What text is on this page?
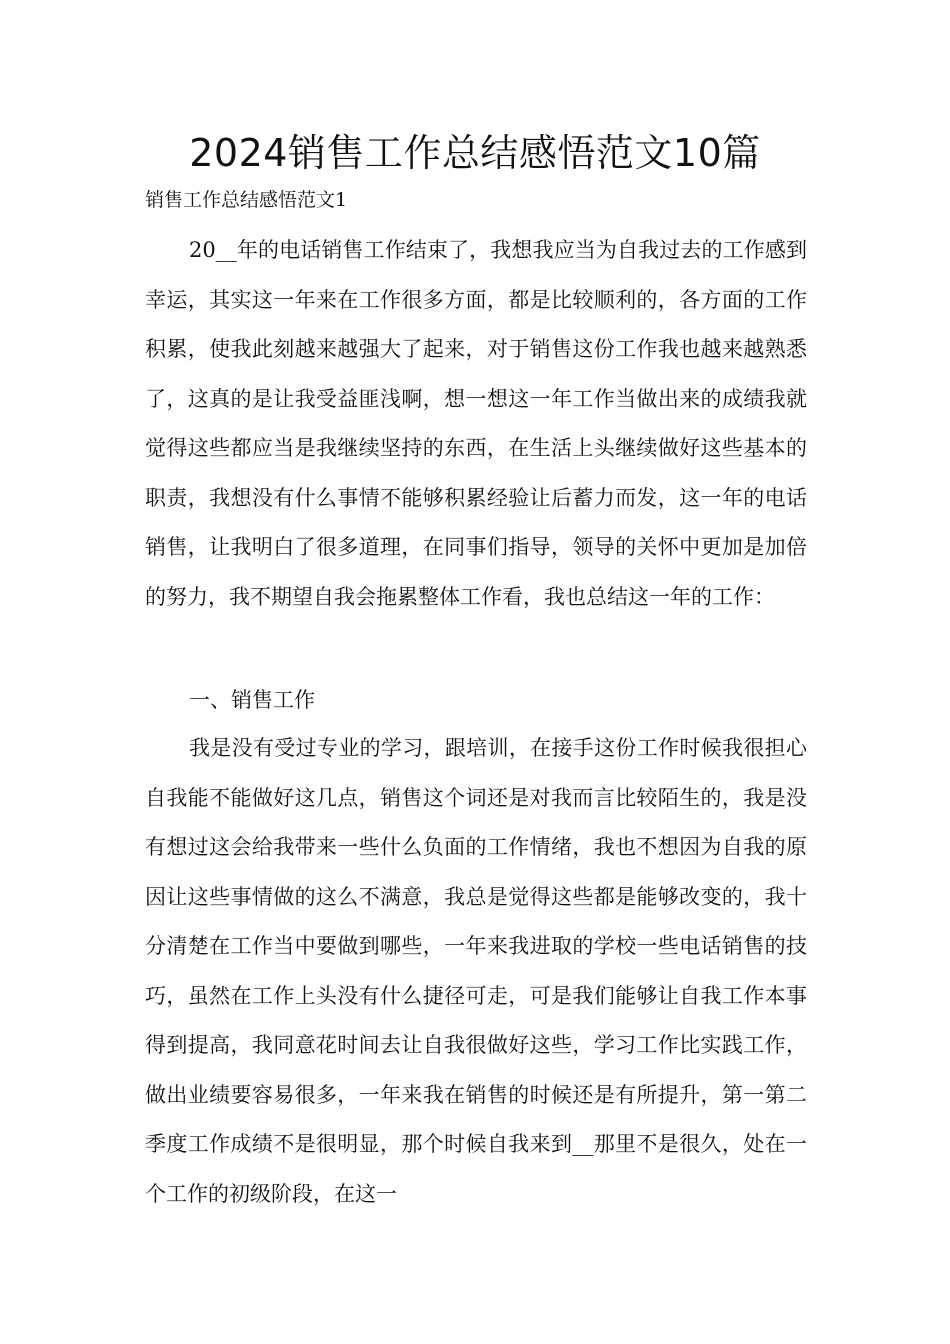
2024销售工作总结感悟范文10篇
销售工作总结感悟范文1

20__年的电话销售工作结束了，我想我应当为自我过去的工作感到幸运，其实这一年来在工作很多方面，都是比较顺利的，各方面的工作积累，使我此刻越来越强大了起来，对于销售这份工作我也越来越熟悉了，这真的是让我受益匪浅啊，想一想这一年工作当做出来的成绩我就觉得这些都应当是我继续坚持的东西，在生活上头继续做好这些基本的职责，我想没有什么事情不能够积累经验让后蓄力而发，这一年的电话销售，让我明白了很多道理，在同事们指导，领导的关怀中更加是加倍的努力，我不期望自我会拖累整体工作看，我也总结这一年的工作：

一、销售工作

我是没有受过专业的学习，跟培训，在接手这份工作时候我很担心自我能不能做好这几点，销售这个词还是对我而言比较陌生的，我是没有想过这会给我带来一些什么负面的工作情绪，我也不想因为自我的原因让这些事情做的这么不满意，我总是觉得这些都是能够改变的，我十分清楚在工作当中要做到哪些，一年来我进取的学校一些电话销售的技巧，虽然在工作上头没有什么捷径可走，可是我们能够让自我工作本事得到提高，我同意花时间去让自我很做好这些，学习工作比实践工作，做出业绩要容易很多，一年来我在销售的时候还是有所提升，第一第二季度工作成绩不是很明显，那个时候自我来到__那里不是很久，处在一个工作的初级阶段，在这一
